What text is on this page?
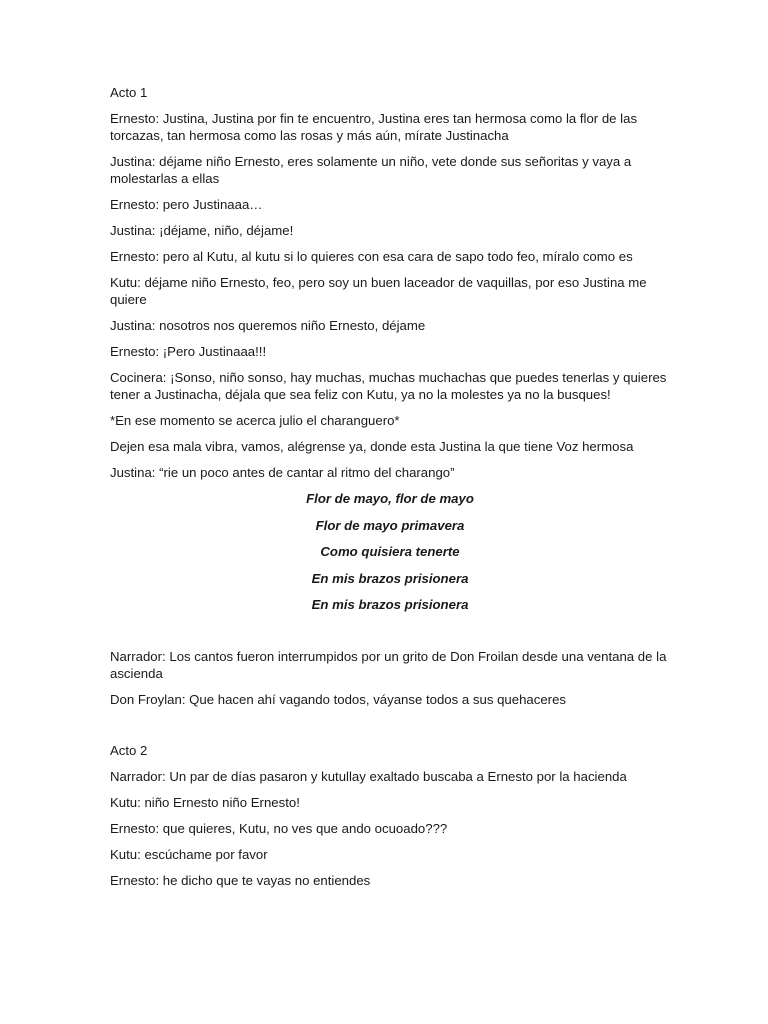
Acto 1

Ernesto: Justina, Justina por fin te encuentro, Justina eres tan hermosa como la flor de las torcazas, tan hermosa como las rosas y más aún, mírate Justinacha

Justina: déjame niño Ernesto, eres solamente un niño, vete donde sus señoritas y vaya a molestarlas a ellas

Ernesto: pero Justinaaa…

Justina: ¡déjame, niño, déjame!

Ernesto: pero al Kutu, al kutu si lo quieres con esa cara de sapo todo feo, míralo como es

Kutu: déjame niño Ernesto, feo, pero soy un buen laceador de vaquillas, por eso Justina me quiere

Justina: nosotros nos queremos niño Ernesto, déjame

Ernesto: ¡Pero Justinaaa!!!

Cocinera: ¡Sonso, niño sonso, hay muchas, muchas muchachas que puedes tenerlas y quieres tener a Justinacha, déjala que sea feliz con Kutu, ya no la molestes ya no la busques!

*En ese momento se acerca julio el charanguero*

Dejen esa mala vibra, vamos, alégrense ya, donde esta Justina la que tiene Voz hermosa

Justina: “rie un poco antes de cantar al ritmo del charango”

Flor de mayo, flor de mayo

Flor de mayo primavera

Como quisiera tenerte

En mis brazos prisionera

En mis brazos prisionera

Narrador: Los cantos fueron interrumpidos por un grito de Don Froilan desde una ventana de la ascienda

Don Froylan: Que hacen ahí vagando todos, váyanse todos a sus quehaceres

Acto 2

Narrador: Un par de días pasaron y kutullay exaltado buscaba a Ernesto por la hacienda

Kutu: niño Ernesto niño Ernesto!

Ernesto: que quieres, Kutu, no ves que ando ocuoado???

Kutu: escúchame por favor

Ernesto: he dicho que te vayas no entiendes
